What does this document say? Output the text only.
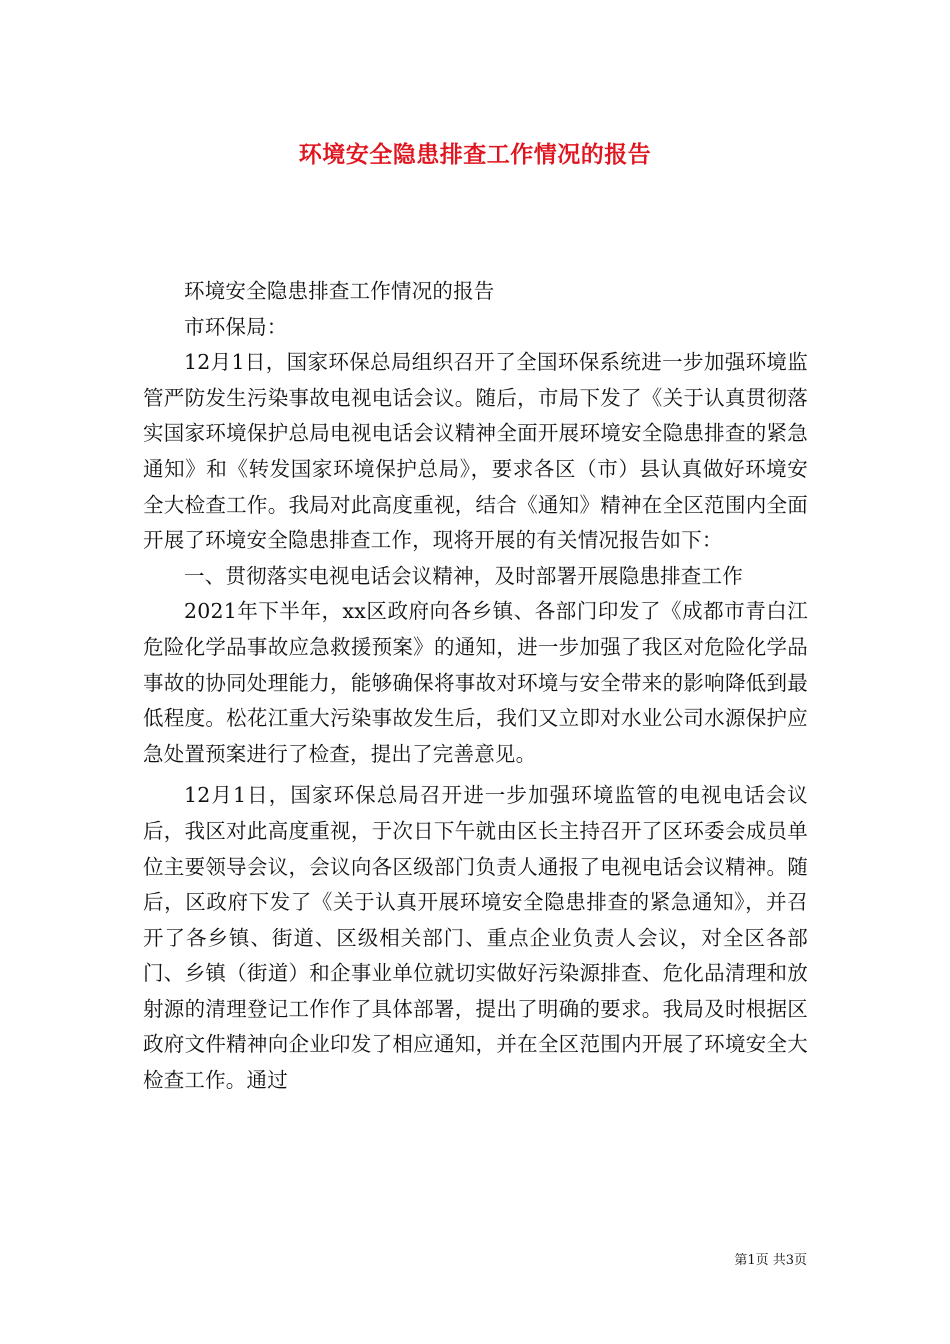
环境安全隐患排查工作情况的报告

环境安全隐患排查工作情况的报告

市环保局：

12月1日，国家环保总局组织召开了全国环保系统进一步加强环境监管严防发生污染事故电视电话会议。随后，市局下发了《关于认真贯彻落实国家环境保护总局电视电话会议精神全面开展环境安全隐患排查的紧急通知》和《转发国家环境保护总局》，要求各区（市）县认真做好环境安全大检查工作。我局对此高度重视，结合《通知》精神在全区范围内全面开展了环境安全隐患排查工作，现将开展的有关情况报告如下：

一、贯彻落实电视电话会议精神，及时部署开展隐患排查工作

2021年下半年，xx区政府向各乡镇、各部门印发了《成都市青白江危险化学品事故应急救援预案》的通知，进一步加强了我区对危险化学品事故的协同处理能力，能够确保将事故对环境与安全带来的影响降低到最低程度。松花江重大污染事故发生后，我们又立即对水业公司水源保护应急处置预案进行了检查，提出了完善意见。

12月1日，国家环保总局召开进一步加强环境监管的电视电话会议后，我区对此高度重视，于次日下午就由区长主持召开了区环委会成员单位主要领导会议，会议向各区级部门负责人通报了电视电话会议精神。随后，区政府下发了《关于认真开展环境安全隐患排查的紧急通知》，并召开了各乡镇、街道、区级相关部门、重点企业负责人会议，对全区各部门、乡镇（街道）和企事业单位就切实做好污染源排查、危化品清理和放射源的清理登记工作作了具体部署，提出了明确的要求。我局及时根据区政府文件精神向企业印发了相应通知，并在全区范围内开展了环境安全大检查工作。通过

第1页 共3页
